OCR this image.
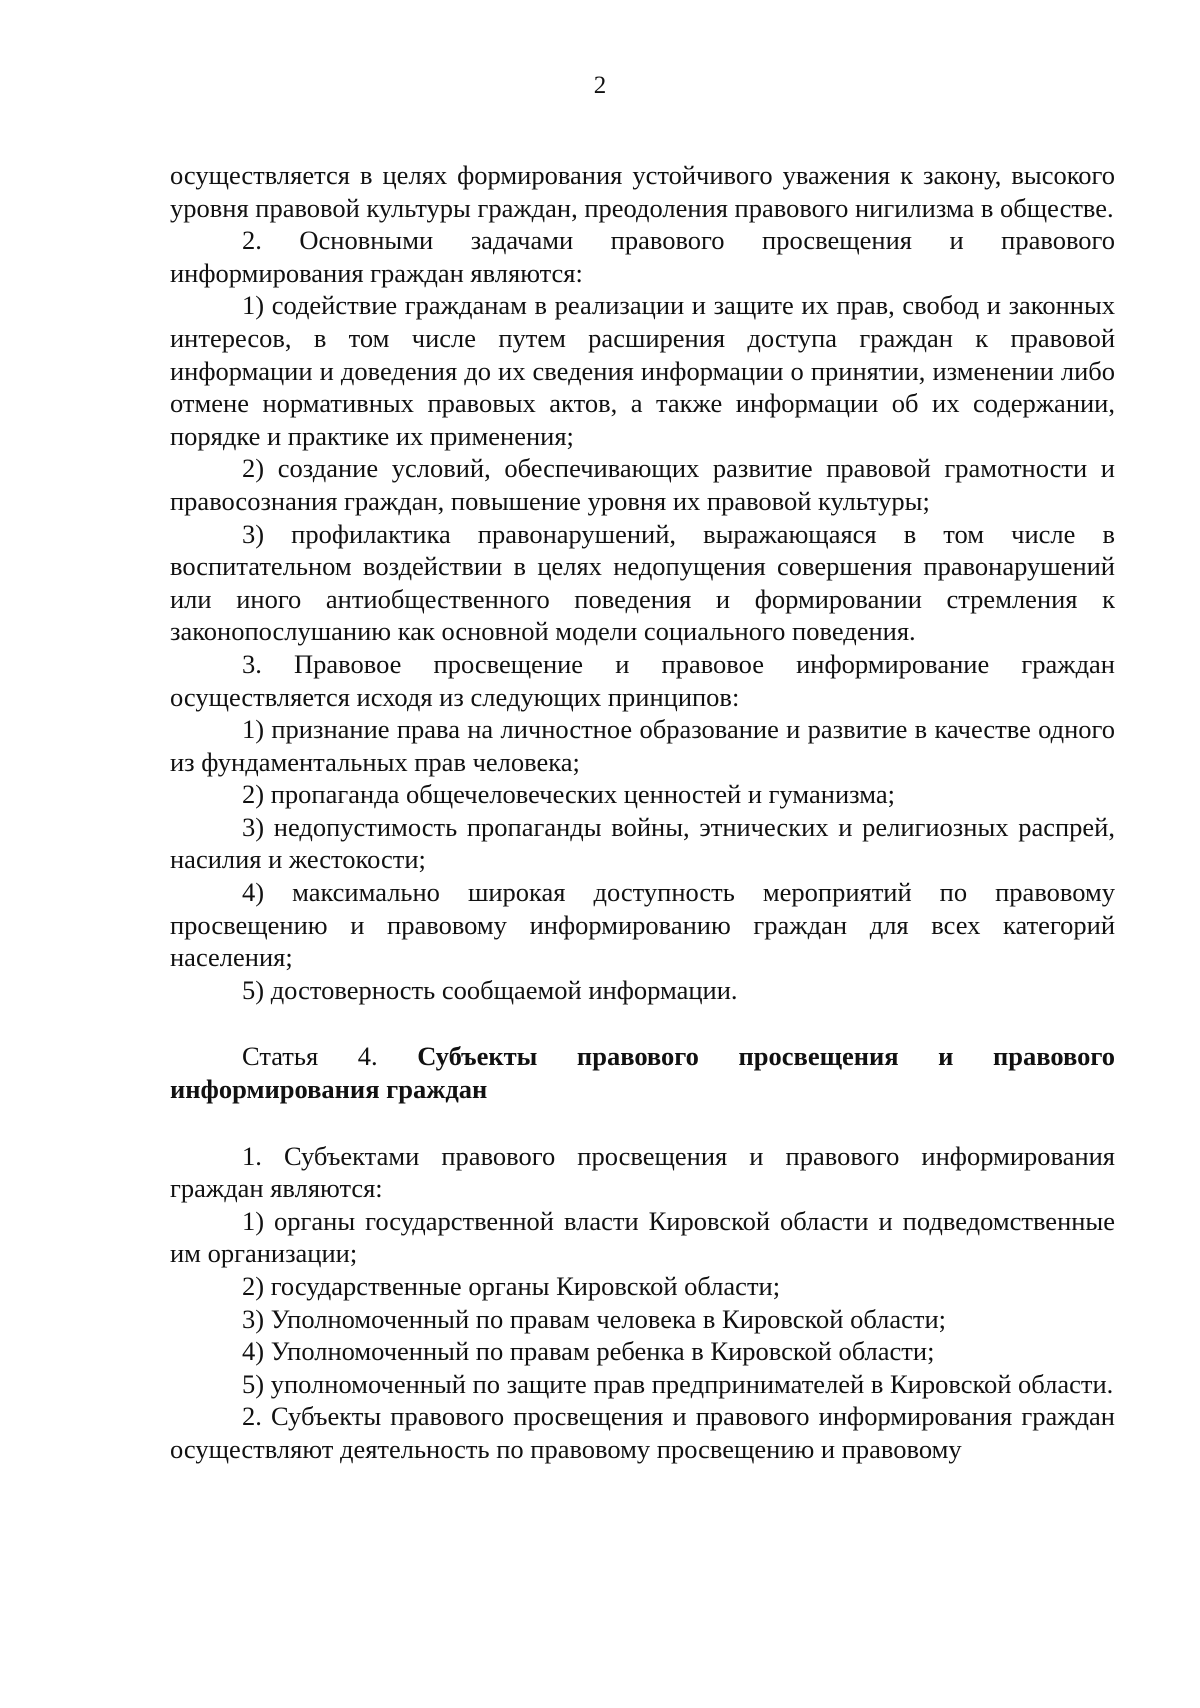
2

осуществляется в целях формирования устойчивого уважения к закону, высокого уровня правовой культуры граждан, преодоления правового нигилизма в обществе.

2. Основными задачами правового просвещения и правового информирования граждан являются:

1) содействие гражданам в реализации и защите их прав, свобод и законных интересов, в том числе путем расширения доступа граждан к правовой информации и доведения до их сведения информации о принятии, изменении либо отмене нормативных правовых актов, а также информации об их содержании, порядке и практике их применения;

2) создание условий, обеспечивающих развитие правовой грамотности и правосознания граждан, повышение уровня их правовой культуры;

3) профилактика правонарушений, выражающаяся в том числе в воспитательном воздействии в целях недопущения совершения правонарушений или иного антиобщественного поведения и формировании стремления к законопослушанию как основной модели социального поведения.

3. Правовое просвещение и правовое информирование граждан осуществляется исходя из следующих принципов:

1) признание права на личностное образование и развитие в качестве одного из фундаментальных прав человека;

2) пропаганда общечеловеческих ценностей и гуманизма;

3) недопустимость пропаганды войны, этнических и религиозных распрей, насилия и жестокости;

4) максимально широкая доступность мероприятий по правовому просвещению и правовому информированию граждан для всех категорий населения;

5) достоверность сообщаемой информации.

Статья 4. Субъекты правового просвещения и правового информирования граждан

1. Субъектами правового просвещения и правового информирования граждан являются:

1) органы государственной власти Кировской области и подведомственные им организации;

2) государственные органы Кировской области;

3) Уполномоченный по правам человека в Кировской области;

4) Уполномоченный по правам ребенка в Кировской области;

5) уполномоченный по защите прав предпринимателей в Кировской области.

2. Субъекты правового просвещения и правового информирования граждан осуществляют деятельность по правовому просвещению и правовому
